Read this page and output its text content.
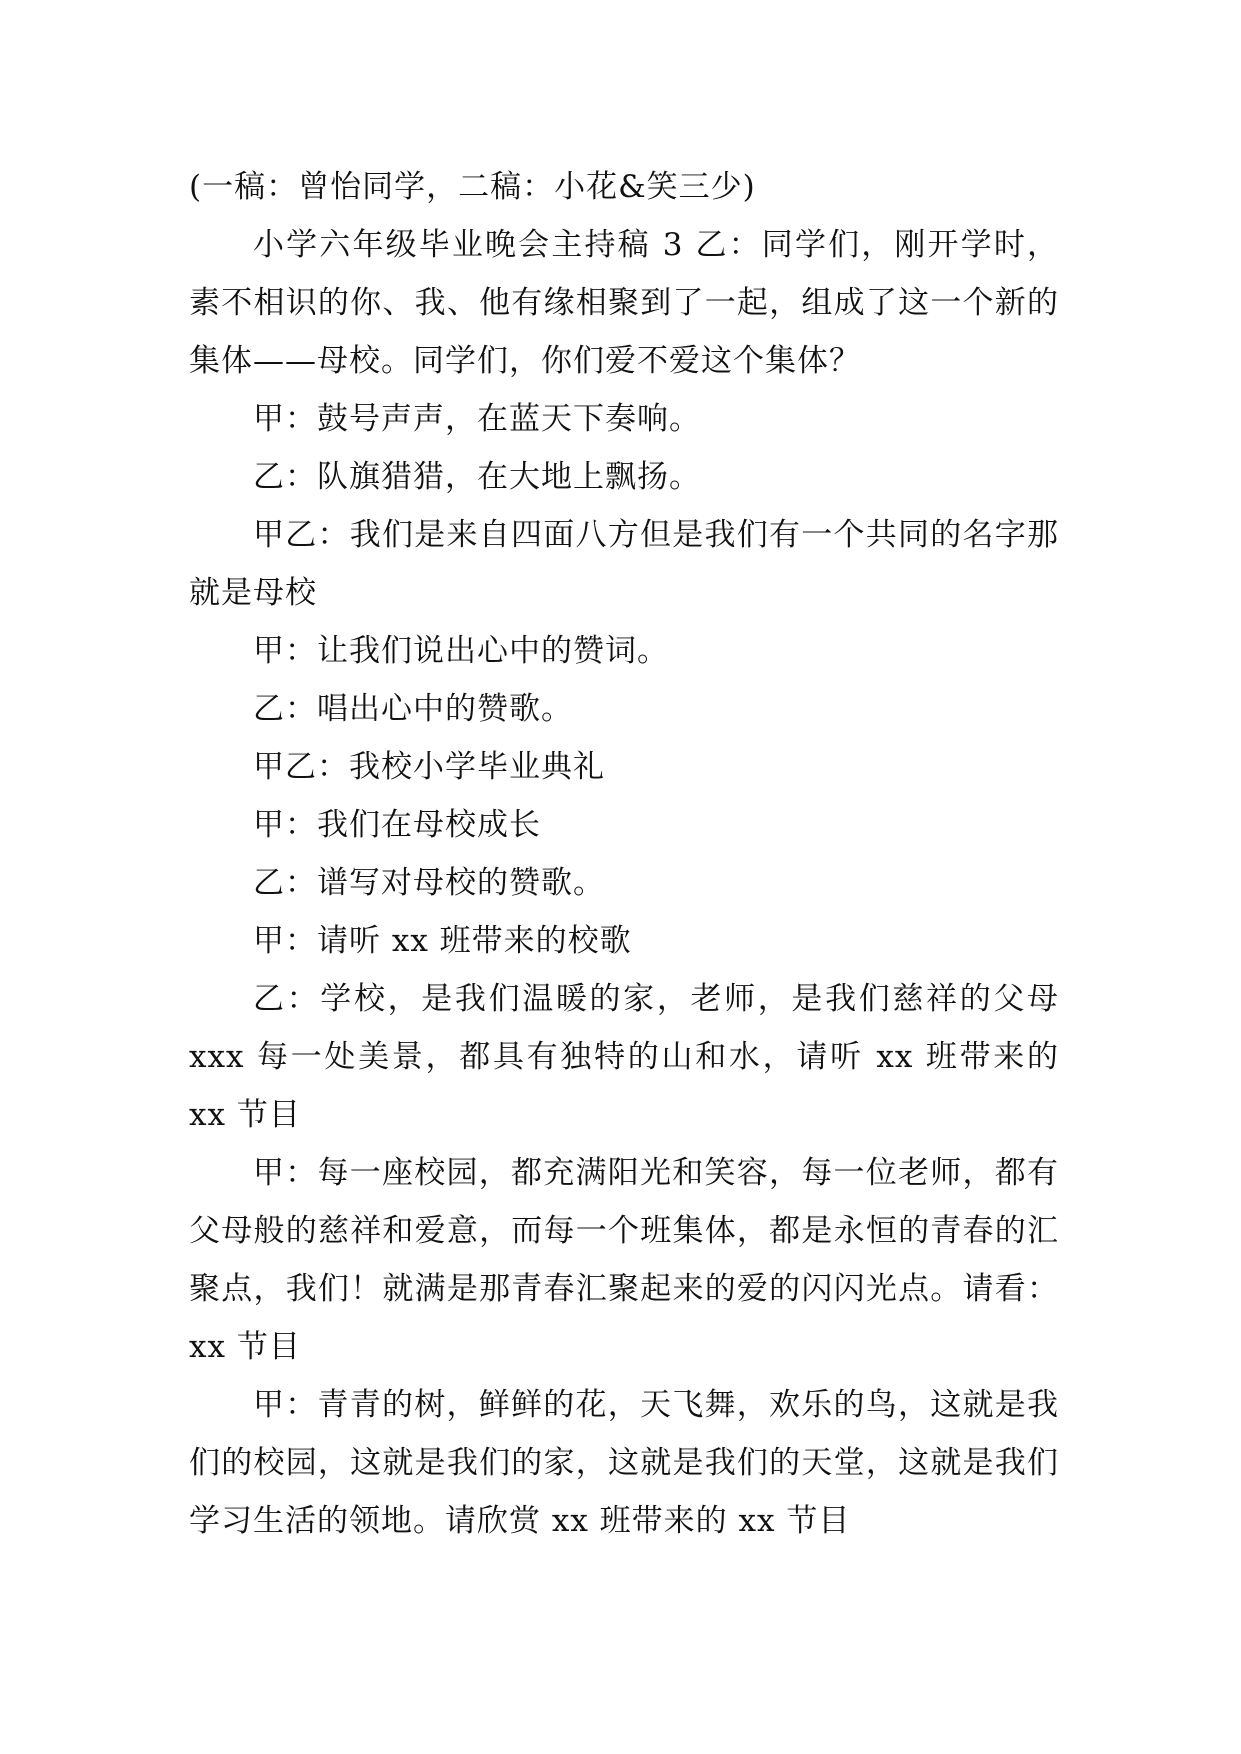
(一稿：曾怡同学，二稿：小花&笑三少)

小学六年级毕业晚会主持稿 3 乙：同学们，刚开学时，素不相识的你、我、他有缘相聚到了一起，组成了这一个新的集体——母校。同学们，你们爱不爱这个集体？

甲：鼓号声声，在蓝天下奏响。

乙：队旗猎猎，在大地上飘扬。

甲乙：我们是来自四面八方但是我们有一个共同的名字那就是母校

甲：让我们说出心中的赞词。

乙：唱出心中的赞歌。

甲乙：我校小学毕业典礼

甲：我们在母校成长

乙：谱写对母校的赞歌。

甲：请听 xx 班带来的校歌

乙：学校，是我们温暖的家，老师，是我们慈祥的父母 xxx 每一处美景，都具有独特的山和水，请听 xx 班带来的 xx 节目

甲：每一座校园，都充满阳光和笑容，每一位老师，都有父母般的慈祥和爱意，而每一个班集体，都是永恒的青春的汇聚点，我们！就满是那青春汇聚起来的爱的闪闪光点。请看：xx 节目

甲：青青的树，鲜鲜的花，天飞舞，欢乐的鸟，这就是我们的校园，这就是我们的家，这就是我们的天堂，这就是我们学习生活的领地。请欣赏 xx 班带来的 xx 节目
